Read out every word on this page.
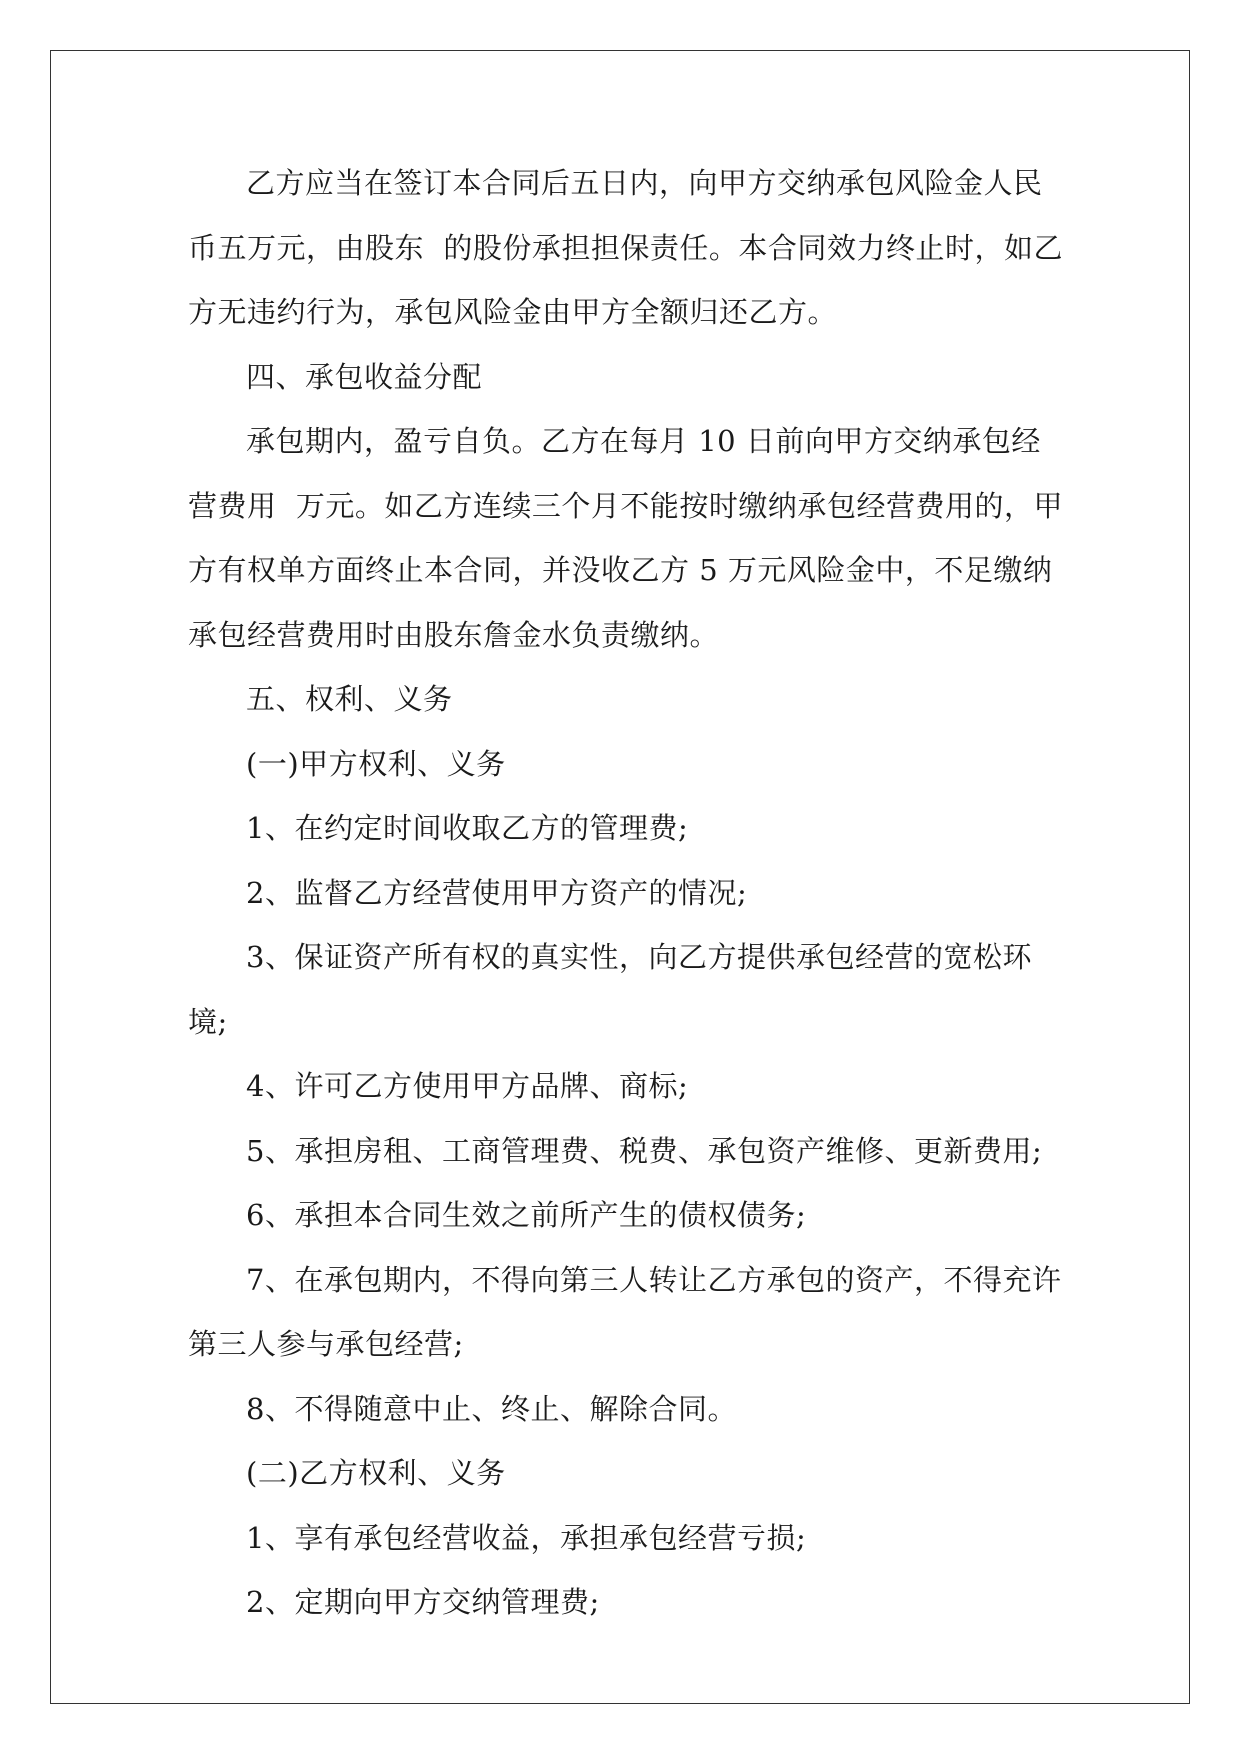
乙方应当在签订本合同后五日内，向甲方交纳承包风险金人民币五万元，由股东  的股份承担担保责任。本合同效力终止时，如乙方无违约行为，承包风险金由甲方全额归还乙方。

四、承包收益分配

承包期内，盈亏自负。乙方在每月 10 日前向甲方交纳承包经营费用  万元。如乙方连续三个月不能按时缴纳承包经营费用的，甲方有权单方面终止本合同，并没收乙方 5 万元风险金中，不足缴纳承包经营费用时由股东詹金水负责缴纳。

五、权利、义务

(一)甲方权利、义务

1、在约定时间收取乙方的管理费;

2、监督乙方经营使用甲方资产的情况;

3、保证资产所有权的真实性，向乙方提供承包经营的宽松环境;

4、许可乙方使用甲方品牌、商标;

5、承担房租、工商管理费、税费、承包资产维修、更新费用;

6、承担本合同生效之前所产生的债权债务;

7、在承包期内，不得向第三人转让乙方承包的资产，不得充许第三人参与承包经营;

8、不得随意中止、终止、解除合同。

(二)乙方权利、义务

1、享有承包经营收益，承担承包经营亏损;

2、定期向甲方交纳管理费;
